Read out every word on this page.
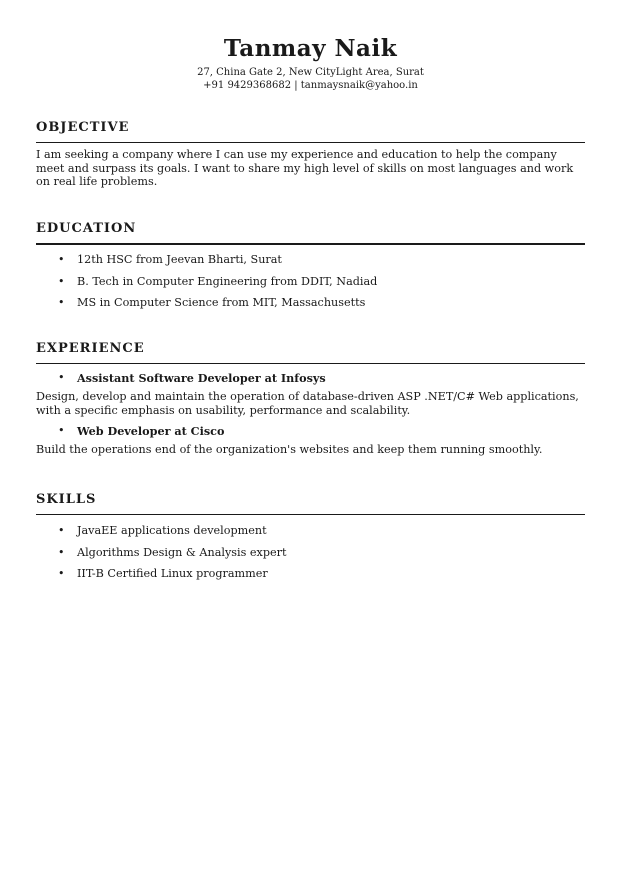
Tanmay Naik
27, China Gate 2, New CityLight Area, Surat
+91 9429368682 | tanmaysnaik@yahoo.in
OBJECTIVE

I am seeking a company where I can use my experience and education to help the company meet and surpass its goals. I want to share my high level of skills on most languages and work on real life problems.

EDUCATION
• 12th HSC from Jeevan Bharti, Surat
• B. Tech in Computer Engineering from DDIT, Nadiad
• MS in Computer Science from MIT, Massachusetts
EXPERIENCE
• Assistant Software Developer at Infosys

Design, develop and maintain the operation of database-driven ASP .NET/C# Web applications, with a specific emphasis on usability, performance and scalability.

• Web Developer at Cisco

Build the operations end of the organization's websites and keep them running smoothly.

SKILLS
• JavaEE applications development
• Algorithms Design & Analysis expert
• IIT-B Certified Linux programmer
